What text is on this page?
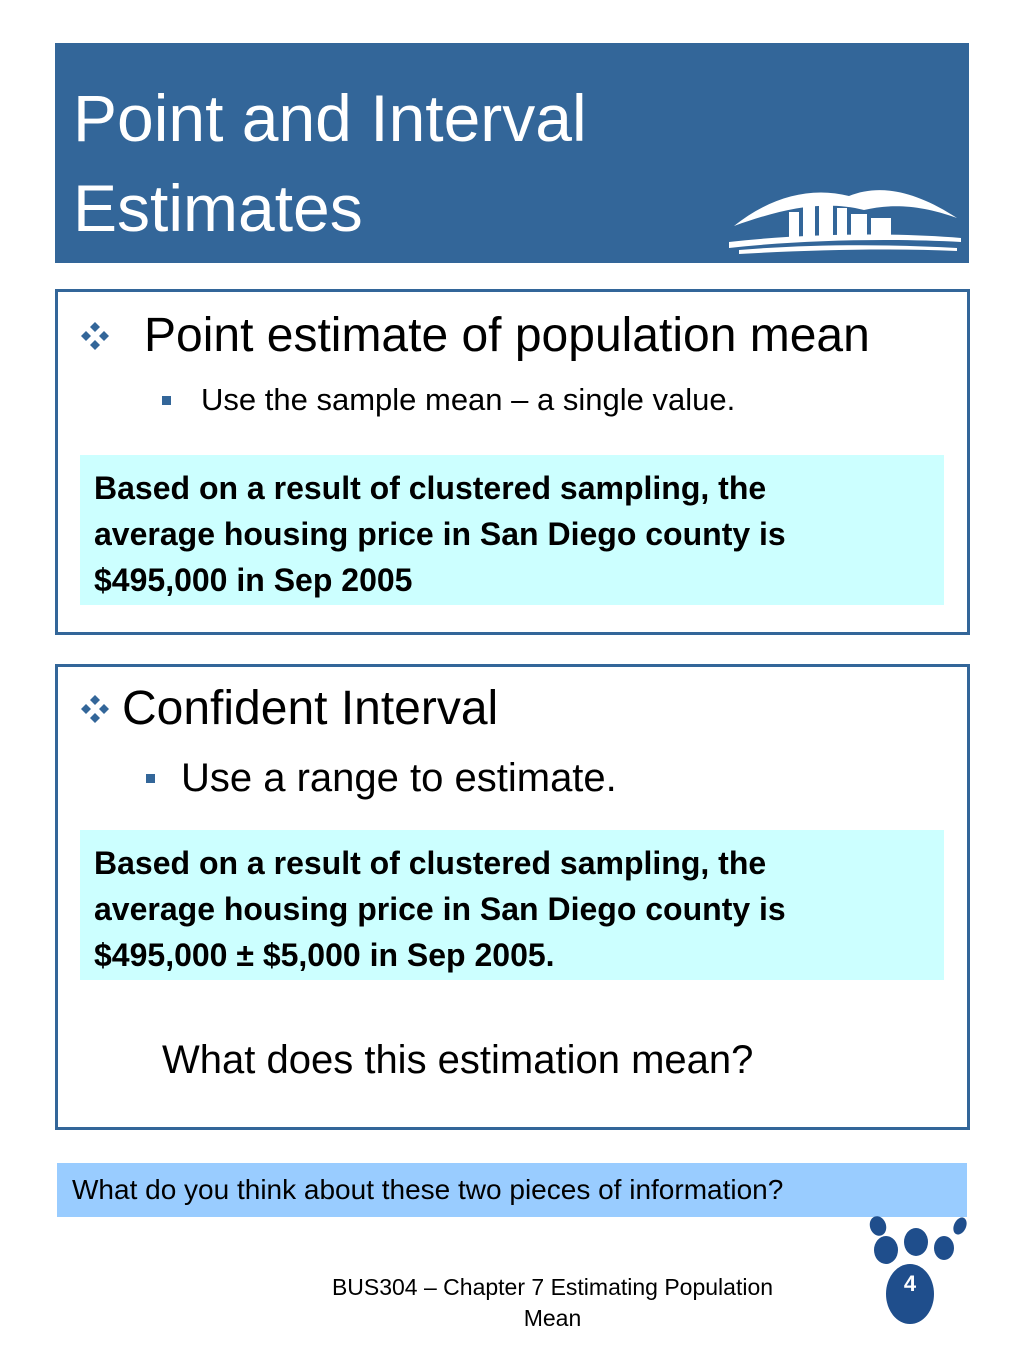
Point and Interval
Estimates
Point estimate of population mean
Use the sample mean – a single value.
Based on a result of clustered sampling, the
average housing price in San Diego county is
$495,000 in Sep 2005
Confident Interval
Use a range to estimate.
Based on a result of clustered sampling, the
average housing price in San Diego county is
$495,000 ± $5,000 in Sep 2005.
What does this estimation mean?
What do you think about these two pieces of information?
BUS304 – Chapter 7 Estimating Population
Mean
4
